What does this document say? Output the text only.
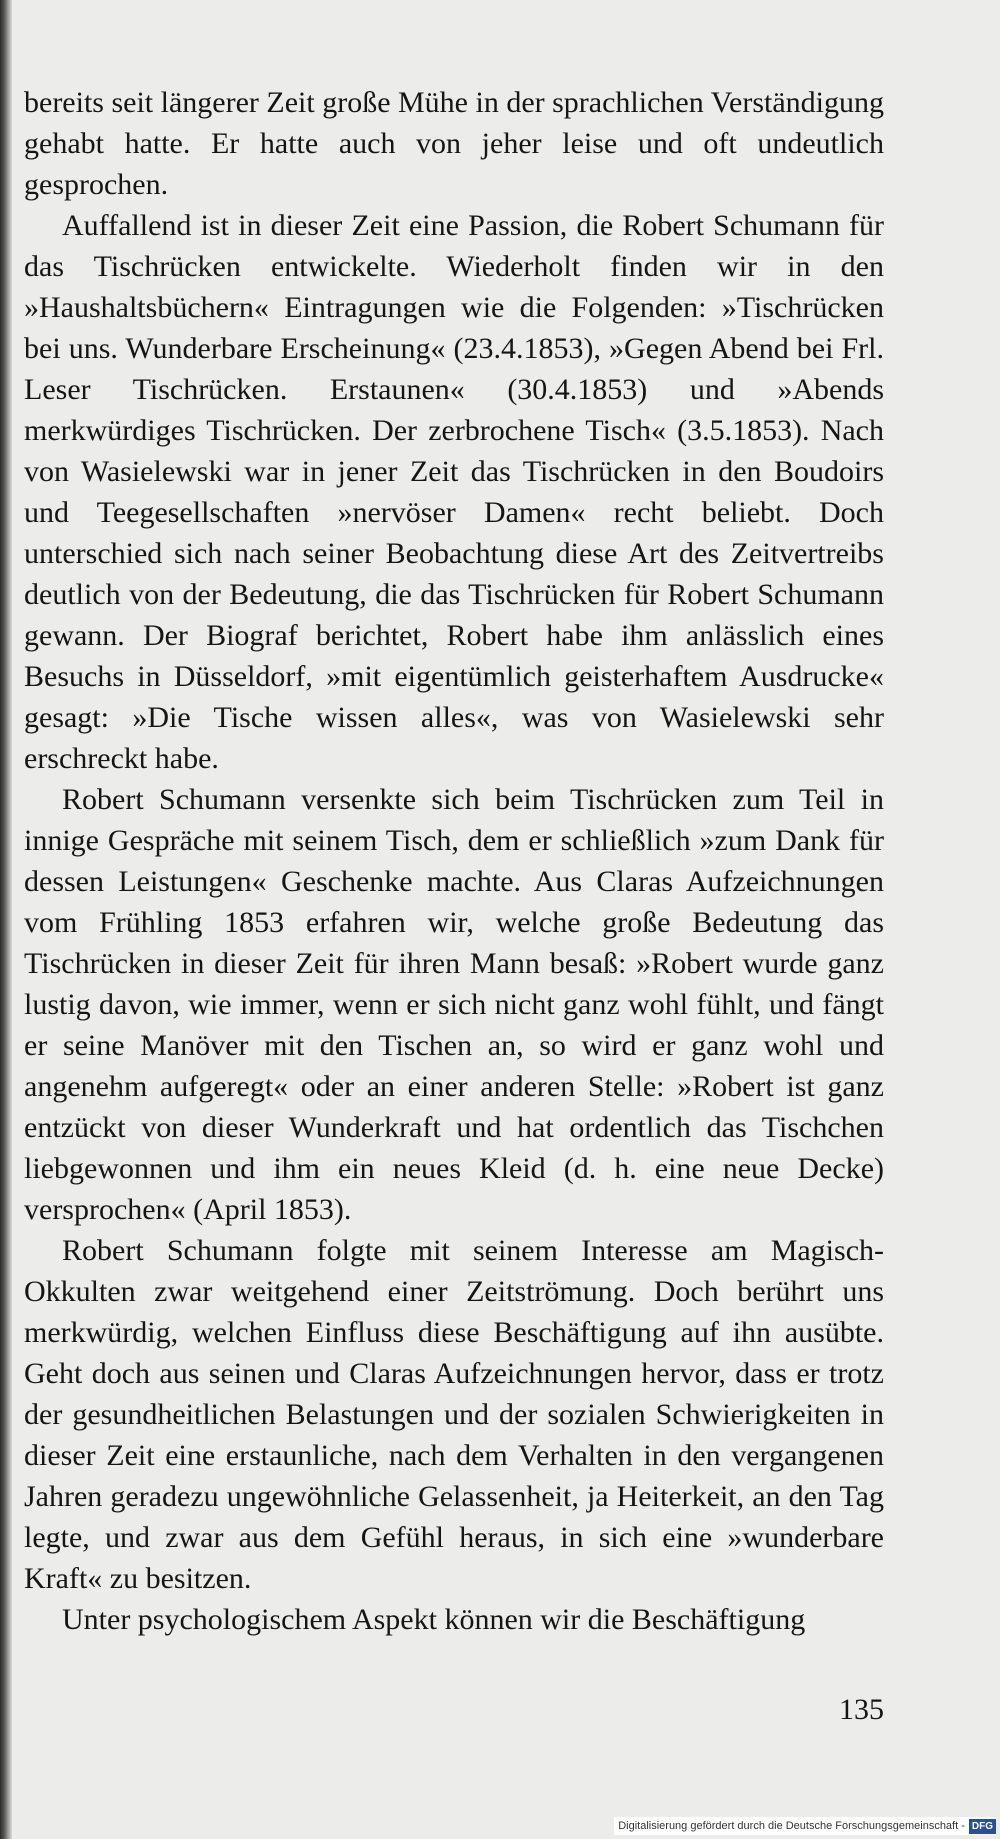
bereits seit längerer Zeit große Mühe in der sprachlichen Verständigung gehabt hatte. Er hatte auch von jeher leise und oft undeutlich gesprochen.

Auffallend ist in dieser Zeit eine Passion, die Robert Schumann für das Tischrücken entwickelte. Wiederholt finden wir in den »Haushaltsbüchern« Eintragungen wie die Folgenden: »Tischrücken bei uns. Wunderbare Erscheinung« (23.4.1853), »Gegen Abend bei Frl. Leser Tischrücken. Erstaunen« (30.4.1853) und »Abends merkwürdiges Tischrücken. Der zerbrochene Tisch« (3.5.1853). Nach von Wasielewski war in jener Zeit das Tischrücken in den Boudoirs und Teegesellschaften »nervöser Damen« recht beliebt. Doch unterschied sich nach seiner Beobachtung diese Art des Zeitvertreibs deutlich von der Bedeutung, die das Tischrücken für Robert Schumann gewann. Der Biograf berichtet, Robert habe ihm anlässlich eines Besuchs in Düsseldorf, »mit eigentümlich geisterhaftem Ausdrucke« gesagt: »Die Tische wissen alles«, was von Wasielewski sehr erschreckt habe.

Robert Schumann versenkte sich beim Tischrücken zum Teil in innige Gespräche mit seinem Tisch, dem er schließlich »zum Dank für dessen Leistungen« Geschenke machte. Aus Claras Aufzeichnungen vom Frühling 1853 erfahren wir, welche große Bedeutung das Tischrücken in dieser Zeit für ihren Mann besaß: »Robert wurde ganz lustig davon, wie immer, wenn er sich nicht ganz wohl fühlt, und fängt er seine Manöver mit den Tischen an, so wird er ganz wohl und angenehm aufgeregt« oder an einer anderen Stelle: »Robert ist ganz entzückt von dieser Wunderkraft und hat ordentlich das Tischchen liebgewonnen und ihm ein neues Kleid (d. h. eine neue Decke) versprochen« (April 1853).

Robert Schumann folgte mit seinem Interesse am Magisch-Okkulten zwar weitgehend einer Zeitströmung. Doch berührt uns merkwürdig, welchen Einfluss diese Beschäftigung auf ihn ausübte. Geht doch aus seinen und Claras Aufzeichnungen hervor, dass er trotz der gesundheitlichen Belastungen und der sozialen Schwierigkeiten in dieser Zeit eine erstaunliche, nach dem Verhalten in den vergangenen Jahren geradezu ungewöhnliche Gelassenheit, ja Heiterkeit, an den Tag legte, und zwar aus dem Gefühl heraus, in sich eine »wunderbare Kraft« zu besitzen.

Unter psychologischem Aspekt können wir die Beschäftigung

135
Digitalisierung gefördert durch die Deutsche Forschungsgemeinschaft - DFG
